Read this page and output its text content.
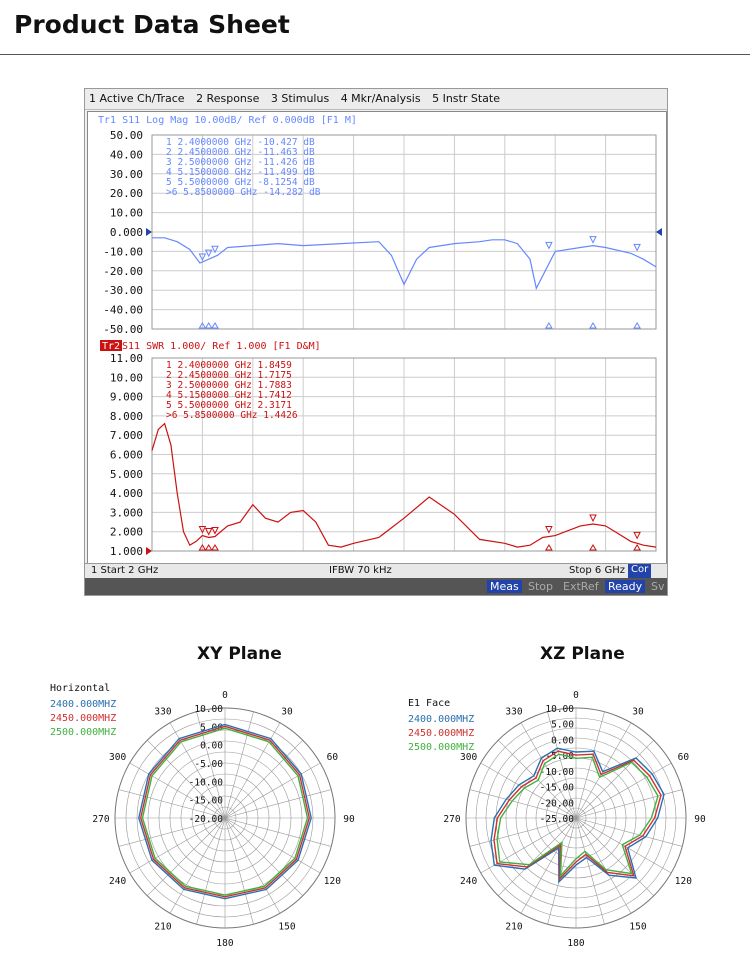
Product Data Sheet
1 Active Ch/Trace 2 Response 3 Stimulus 4 Mkr/Analysis 5 Instr State
Tr1 S11 Log Mag 10.00dB/ Ref 0.000dB [F1 M]
50.00
40.00
30.00
20.00
10.00
0.000
-10.00
-20.00
-30.00
-40.00
-50.00
1 2.4000000 GHz -10.427 dB
2 2.4500000 GHz -11.463 dB
3 2.5000000 GHz -11.426 dB
4 5.1500000 GHz -11.499 dB
5 5.5000000 GHz -8.1254 dB
>6 5.8500000 GHz -14.282 dB
Tr2 S11 SWR 1.000/ Ref 1.000 [F1 D&M]
11.00
10.00
9.000
8.000
7.000
6.000
5.000
4.000
3.000
2.000
1.000
1 2.4000000 GHz 1.8459
2 2.4500000 GHz 1.7175
3 2.5000000 GHz 1.7883
4 5.1500000 GHz 1.7412
5 5.5000000 GHz 2.3171
>6 5.8500000 GHz 1.4426
1 Start 2 GHz	IFBW 70 kHz	Stop 6 GHz Cor
Meas Stop ExtRef Ready Sv
XY Plane	XZ Plane
0
30
60
90
120
150
180
210
240
270
300
330 10.00
5.00
0.00
-5.00
-10.00
-15.00
-20.00
2400.000MHZ
2450.000MHZ
2500.000MHZ
Horizontal
0
30
60
90
120
150
180
210
240
270
300
330 10.00
5.00
0.00
-5.00
-10.00
-15.00
-20.00
-25.00
2400.000MHZ
2450.000MHZ
2500.000MHZ
E1 Face
